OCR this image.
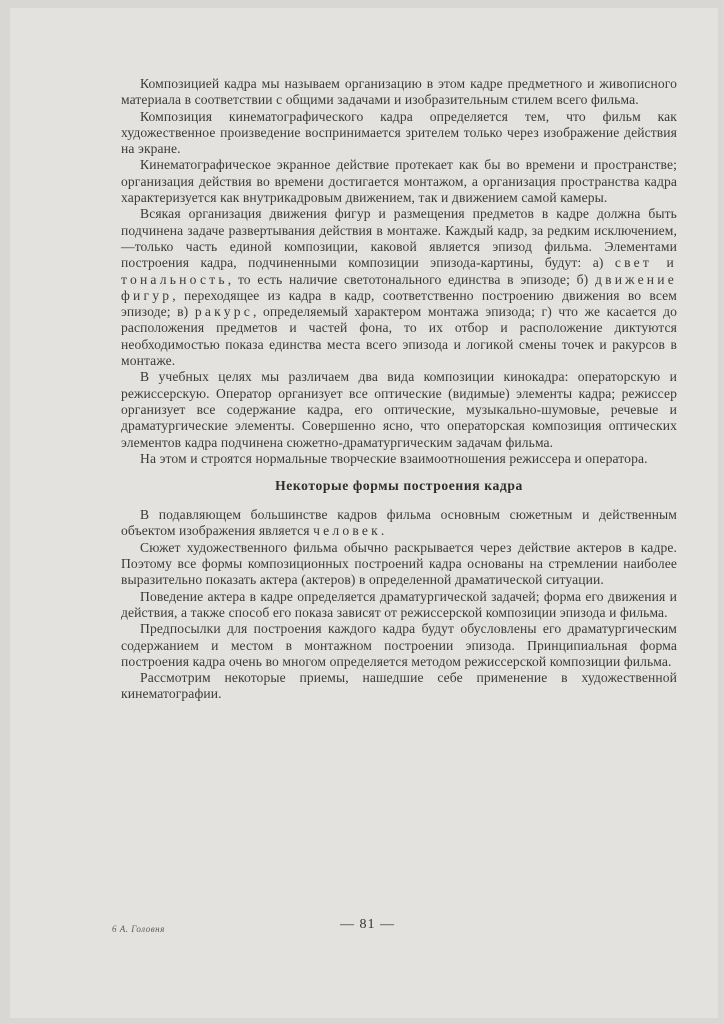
Композицией кадра мы называем организацию в этом кадре предметного и живописного материала в соответствии с общими задачами и изобразительным стилем всего фильма.

Композиция кинематографического кадра определяется тем, что фильм как художественное произведение воспринимается зрителем только через изображение действия на экране.

Кинематографическое экранное действие протекает как бы во времени и пространстве; организация действия во времени достигается монтажом, а организация пространства кадра характеризуется как внутрикадровым движением, так и движением самой камеры.

Всякая организация движения фигур и размещения предметов в кадре должна быть подчинена задаче развертывания действия в монтаже. Каждый кадр, за редким исключением,—только часть единой композиции, каковой является эпизод фильма. Элементами построения кадра, подчиненными композиции эпизода-картины, будут: а) свет и тональность, то есть наличие светотонального единства в эпизоде; б) движение фигур, переходящее из кадра в кадр, соответственно построению движения во всем эпизоде; в) ракурс, определяемый характером монтажа эпизода; г) что же касается до расположения предметов и частей фона, то их отбор и расположение диктуются необходимостью показа единства места всего эпизода и логикой смены точек и ракурсов в монтаже.

В учебных целях мы различаем два вида композиции кинокадра: операторскую и режиссерскую. Оператор организует все оптические (видимые) элементы кадра; режиссер организует все содержание кадра, его оптические, музыкально-шумовые, речевые и драматургические элементы. Совершенно ясно, что операторская композиция оптических элементов кадра подчинена сюжетно-драматургическим задачам фильма.

На этом и строятся нормальные творческие взаимоотношения режиссера и оператора.

Некоторые формы построения кадра

В подавляющем большинстве кадров фильма основным сюжетным и действенным объектом изображения является человек.

Сюжет художественного фильма обычно раскрывается через действие актеров в кадре. Поэтому все формы композиционных построений кадра основаны на стремлении наиболее выразительно показать актера (актеров) в определенной драматической ситуации.

Поведение актера в кадре определяется драматургической задачей; форма его движения и действия, а также способ его показа зависят от режиссерской композиции эпизода и фильма.

Предпосылки для построения каждого кадра будут обусловлены его драматургическим содержанием и местом в монтажном построении эпизода. Принципиальная форма построения кадра очень во многом определяется методом режиссерской композиции фильма.

Рассмотрим некоторые приемы, нашедшие себе применение в художественной кинематографии.

6 А. Головня	— 81 —
